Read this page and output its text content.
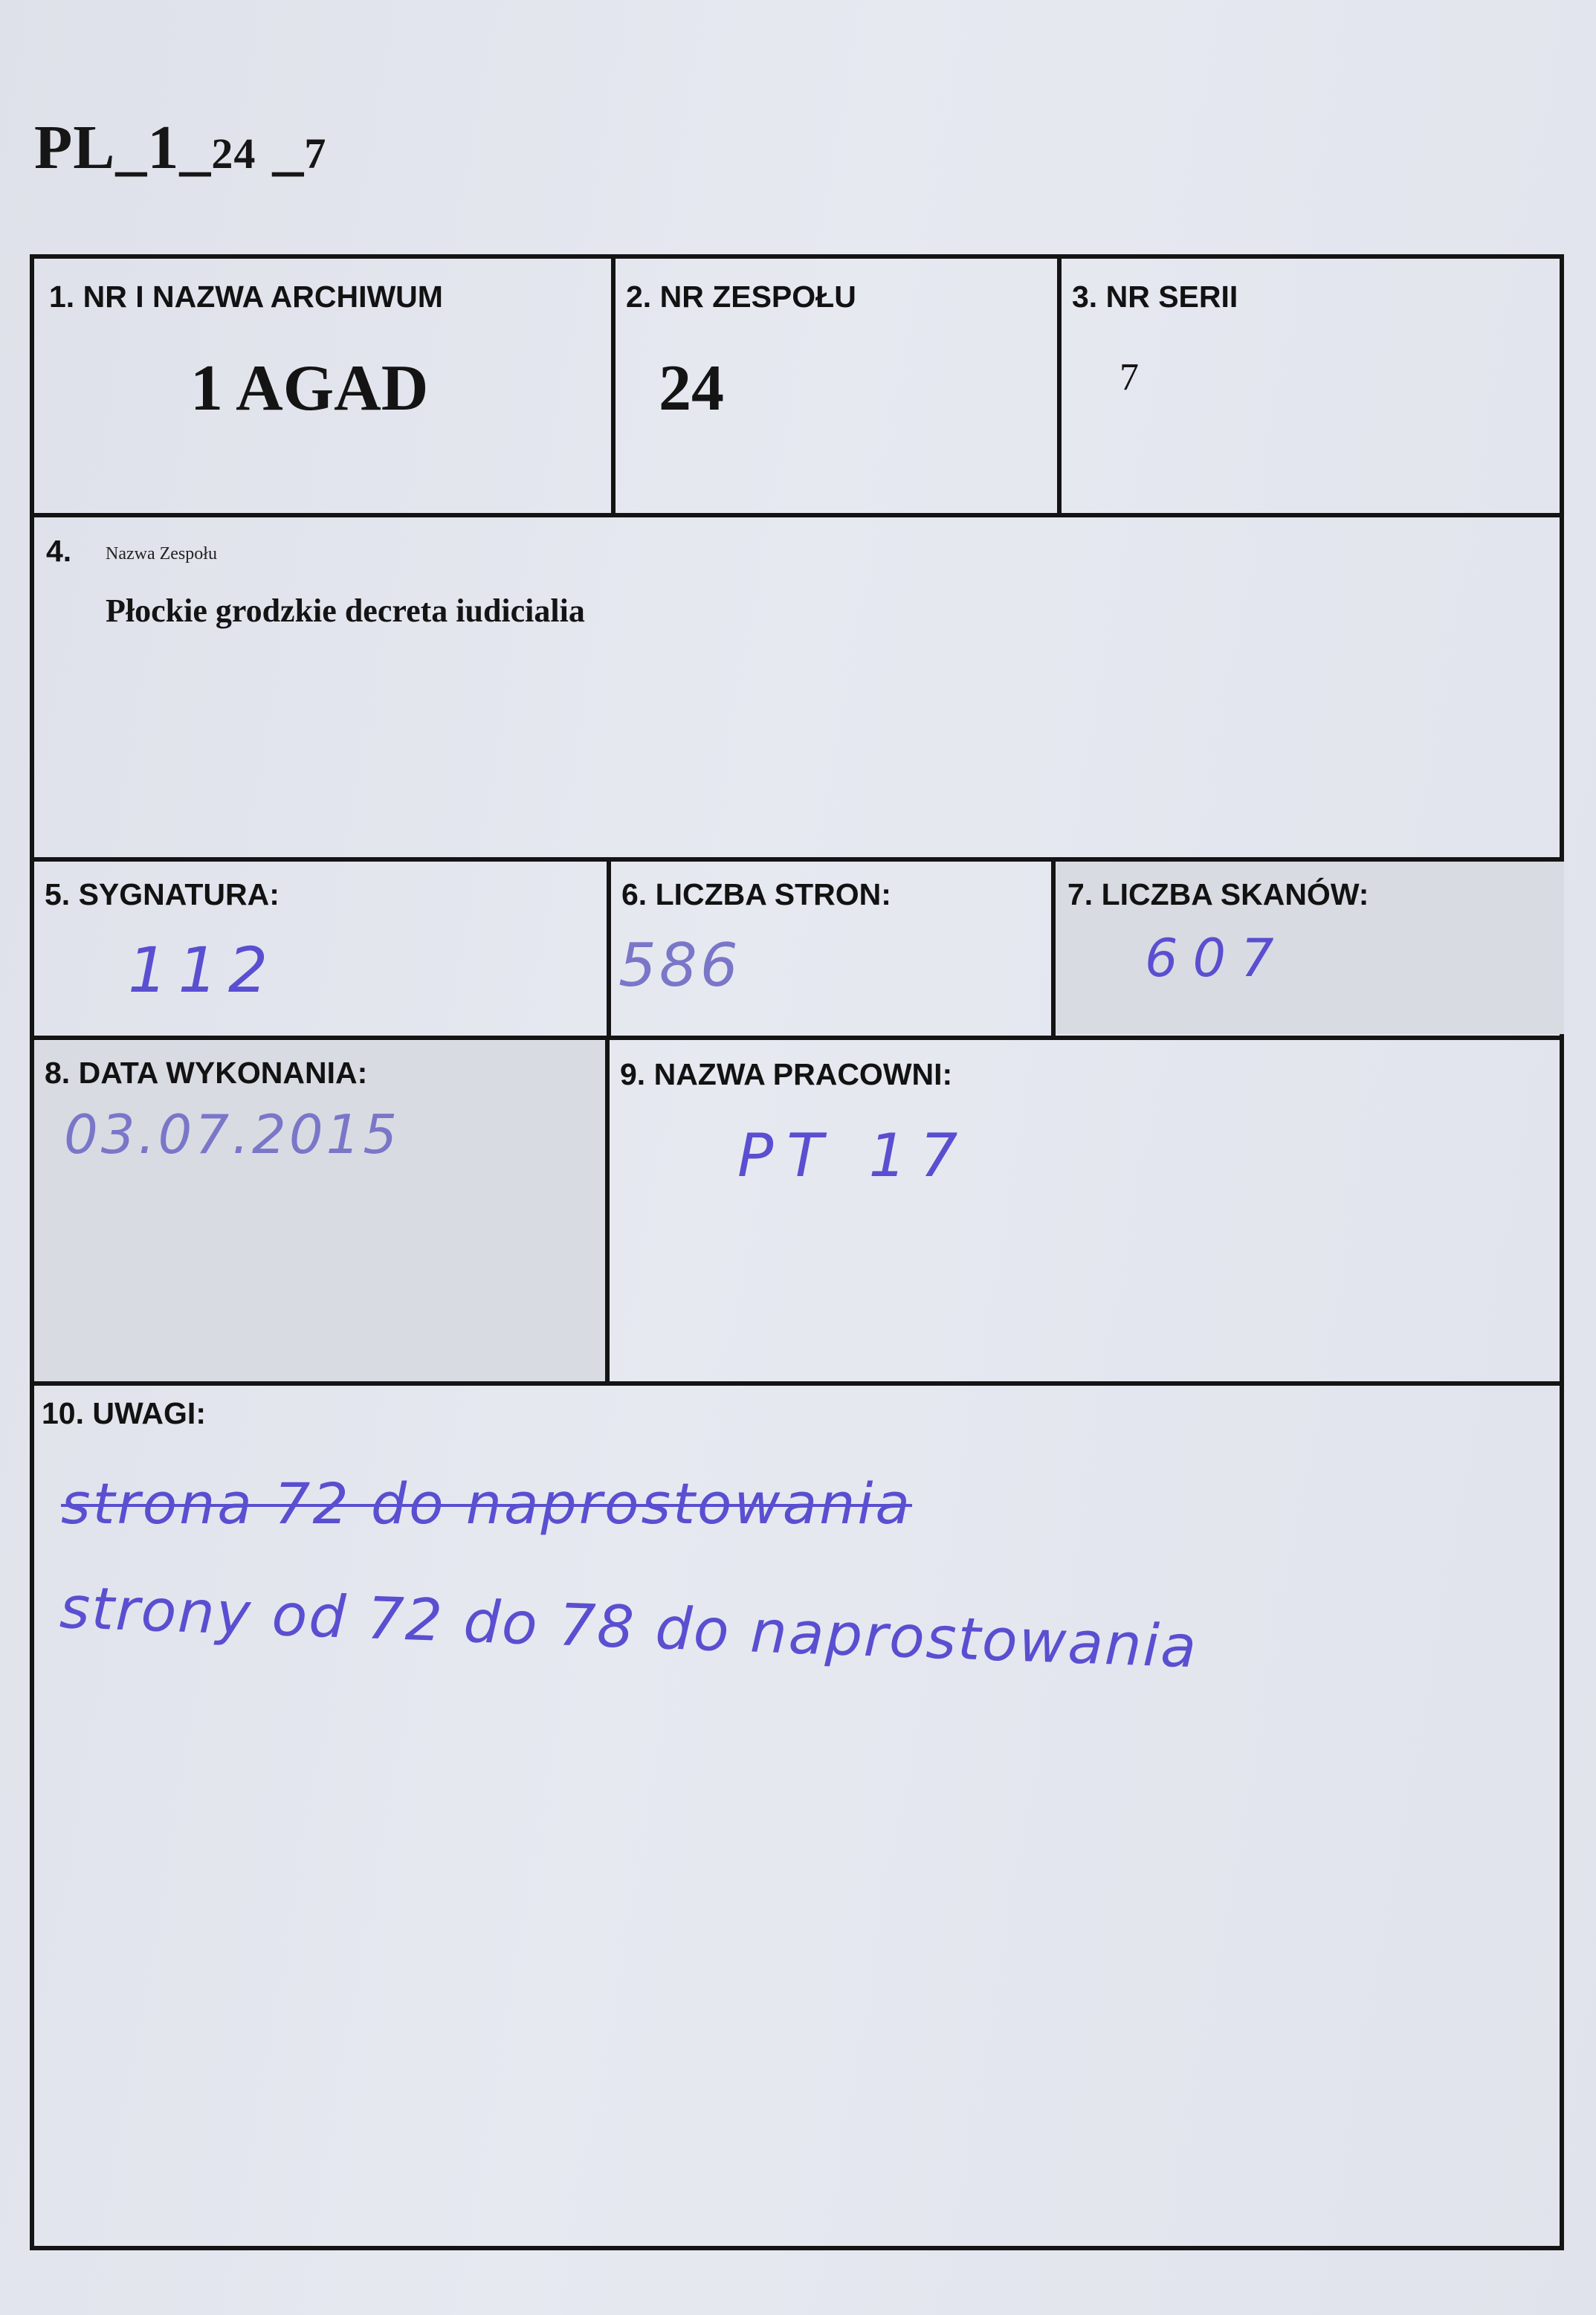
PL_1_24 _7
1. NR I NAZWA ARCHIWUM
1 AGAD
2. NR ZESPOŁU
24
3. NR SERII
7
4. Nazwa Zespołu
Płockie grodzkie decreta iudicialia
5. SYGNATURA:
112
6. LICZBA STRON:
586
7. LICZBA SKANÓW:
607
8. DATA WYKONANIA:
03.07.2015
9. NAZWA PRACOWNI:
PT 17
10. UWAGI:
strona 72 do naprostowania
strony od 72 do 78 do naprostowania
